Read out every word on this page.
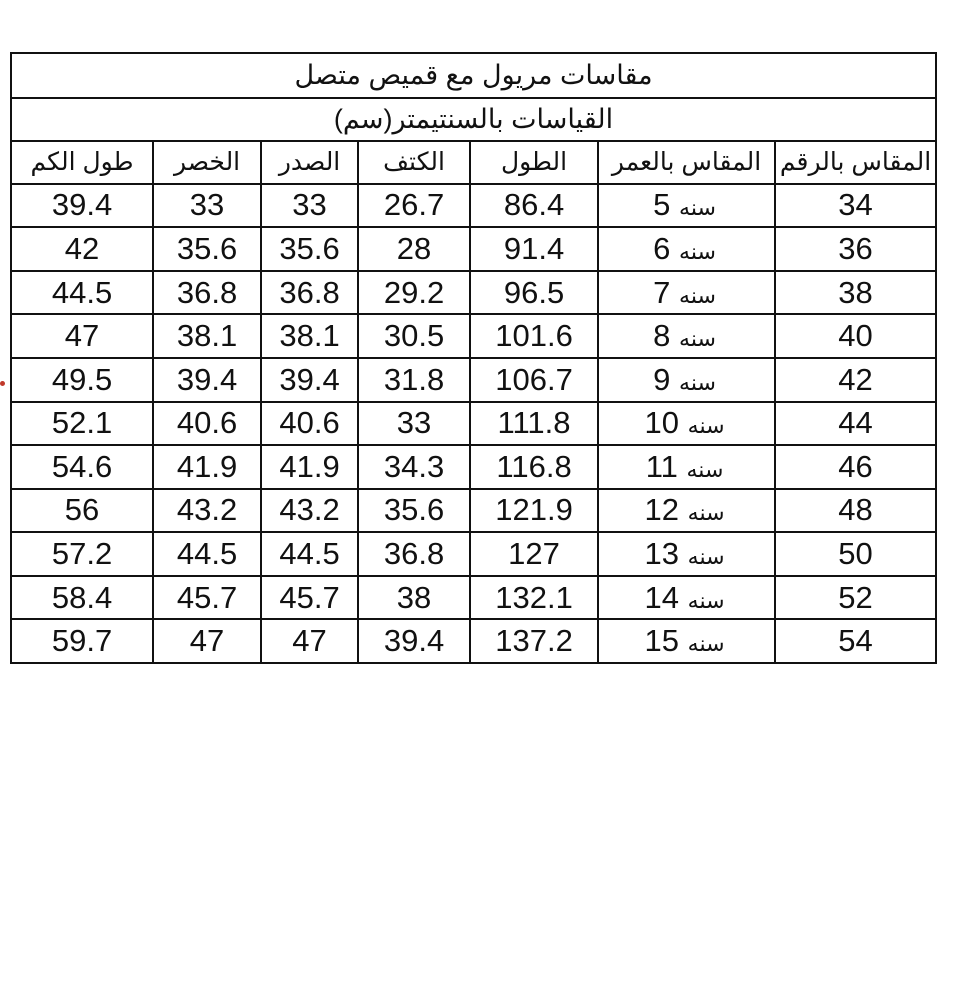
مقاسات مريول مع قميص متصل						
القياسات بالسنتيمتر(سم)						
المقاس بالرقم	المقاس بالعمر	الطول	الكتف	الصدر	الخصر	طول الكم
34	سنه 5	86.4	26.7	33	33	39.4
36	سنه 6	91.4	28	35.6	35.6	42
38	سنه 7	96.5	29.2	36.8	36.8	44.5
40	سنه 8	101.6	30.5	38.1	38.1	47
42	سنه 9	106.7	31.8	39.4	39.4	49.5
44	سنه 10	111.8	33	40.6	40.6	52.1
46	سنه 11	116.8	34.3	41.9	41.9	54.6
48	سنه 12	121.9	35.6	43.2	43.2	56
50	سنه 13	127	36.8	44.5	44.5	57.2
52	سنه 14	132.1	38	45.7	45.7	58.4
54	سنه 15	137.2	39.4	47	47	59.7
